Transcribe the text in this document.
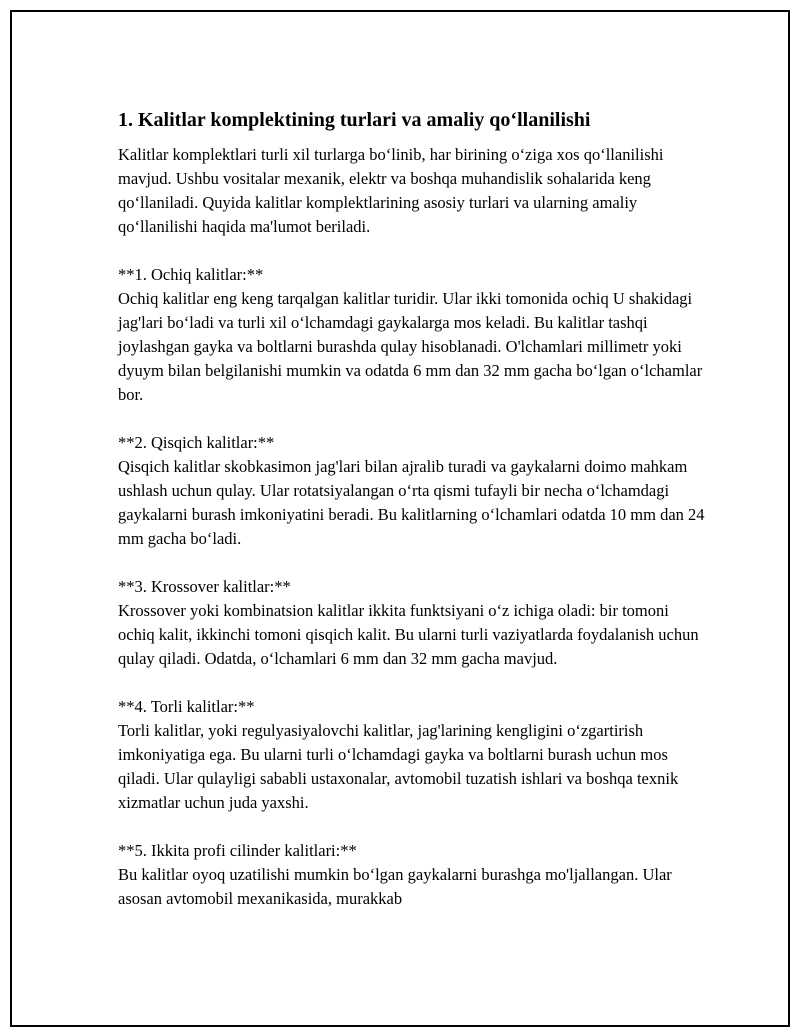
1. Kalitlar komplektining turlari va amaliy qo‘llanilishi

Kalitlar komplektlari turli xil turlarga bo‘linib, har birining o‘ziga xos qo‘llanilishi mavjud. Ushbu vositalar mexanik, elektr va boshqa muhandislik sohalarida keng qo‘llaniladi. Quyida kalitlar komplektlarining asosiy turlari va ularning amaliy qo‘llanilishi haqida ma'lumot beriladi.

**1. Ochiq kalitlar:**
Ochiq kalitlar eng keng tarqalgan kalitlar turidir. Ular ikki tomonida ochiq U shakidagi jag'lari bo‘ladi va turli xil o‘lchamdagi gaykalarga mos keladi. Bu kalitlar tashqi joylashgan gayka va boltlarni burashda qulay hisoblanadi. O'lchamlari millimetr yoki dyuym bilan belgilanishi mumkin va odatda 6 mm dan 32 mm gacha bo‘lgan o‘lchamlar bor.
**2. Qisqich kalitlar:**
Qisqich kalitlar skobkasimon jag'lari bilan ajralib turadi va gaykalarni doimo mahkam ushlash uchun qulay. Ular rotatsiyalangan o‘rta qismi tufayli bir necha o‘lchamdagi gaykalarni burash imkoniyatini beradi. Bu kalitlarning o‘lchamlari odatda 10 mm dan 24 mm gacha bo‘ladi.
**3. Krossover kalitlar:**
Krossover yoki kombinatsion kalitlar ikkita funktsiyani o‘z ichiga oladi: bir tomoni ochiq kalit, ikkinchi tomoni qisqich kalit. Bu ularni turli vaziyatlarda foydalanish uchun qulay qiladi. Odatda, o‘lchamlari 6 mm dan 32 mm gacha mavjud.
**4. Torli kalitlar:**
Torli kalitlar, yoki regulyasiyalovchi kalitlar, jag'larining kengligini o‘zgartirish imkoniyatiga ega. Bu ularni turli o‘lchamdagi gayka va boltlarni burash uchun mos qiladi. Ular qulayligi sababli ustaxonalar, avtomobil tuzatish ishlari va boshqa texnik xizmatlar uchun juda yaxshi.
**5. Ikkita profi cilinder kalitlari:**
Bu kalitlar oyoq uzatilishi mumkin bo‘lgan gaykalarni burashga mo'ljallangan. Ular asosan avtomobil mexanikasida, murakkab
